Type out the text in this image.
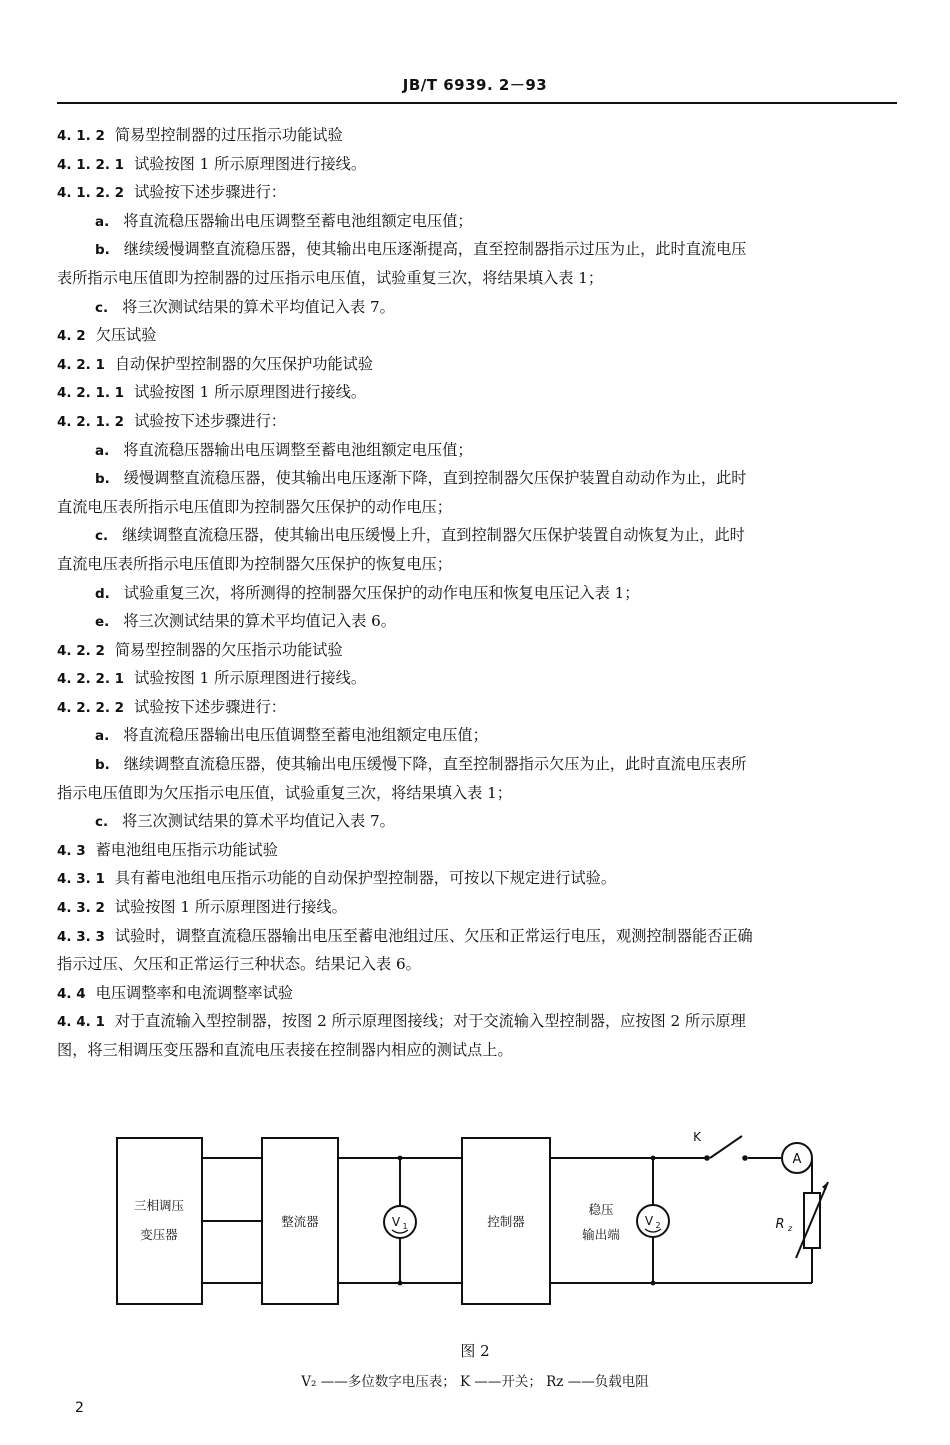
JB/T 6939. 2－93
4. 1. 2 简易型控制器的过压指示功能试验
4. 1. 2. 1 试验按图 1 所示原理图进行接线。
4. 1. 2. 2 试验按下述步骤进行：
a. 将直流稳压器输出电压调整至蓄电池组额定电压值；
b. 继续缓慢调整直流稳压器，使其输出电压逐渐提高，直至控制器指示过压为止，此时直流电压
表所指示电压值即为控制器的过压指示电压值，试验重复三次，将结果填入表 1；
c. 将三次测试结果的算术平均值记入表 7。
4. 2 欠压试验
4. 2. 1 自动保护型控制器的欠压保护功能试验
4. 2. 1. 1 试验按图 1 所示原理图进行接线。
4. 2. 1. 2 试验按下述步骤进行：
a. 将直流稳压器输出电压调整至蓄电池组额定电压值；
b. 缓慢调整直流稳压器，使其输出电压逐渐下降，直到控制器欠压保护装置自动动作为止，此时
直流电压表所指示电压值即为控制器欠压保护的动作电压；
c. 继续调整直流稳压器，使其输出电压缓慢上升，直到控制器欠压保护装置自动恢复为止，此时
直流电压表所指示电压值即为控制器欠压保护的恢复电压；
d. 试验重复三次，将所测得的控制器欠压保护的动作电压和恢复电压记入表 1；
e. 将三次测试结果的算术平均值记入表 6。
4. 2. 2 简易型控制器的欠压指示功能试验
4. 2. 2. 1 试验按图 1 所示原理图进行接线。
4. 2. 2. 2 试验按下述步骤进行：
a. 将直流稳压器输出电压值调整至蓄电池组额定电压值；
b. 继续调整直流稳压器，使其输出电压缓慢下降，直至控制器指示欠压为止，此时直流电压表所
指示电压值即为欠压指示电压值，试验重复三次，将结果填入表 1；
c. 将三次测试结果的算术平均值记入表 7。
4. 3 蓄电池组电压指示功能试验
4. 3. 1 具有蓄电池组电压指示功能的自动保护型控制器，可按以下规定进行试验。
4. 3. 2 试验按图 1 所示原理图进行接线。
4. 3. 3 试验时，调整直流稳压器输出电压至蓄电池组过压、欠压和正常运行电压，观测控制器能否正确
指示过压、欠压和正常运行三种状态。结果记入表 6。
4. 4 电压调整率和电流调整率试验
4. 4. 1 对于直流输入型控制器，按图 2 所示原理图接线；对于交流输入型控制器，应按图 2 所示原理
图，将三相调压变压器和直流电压表接在控制器内相应的测试点上。
三相调压
变压器
整流器	控制器
稳压
输出端
V 1	V 2
A
K
R z
图 2
V₂ ——多位数字电压表； K ——开关； Rz ——负载电阻
2
